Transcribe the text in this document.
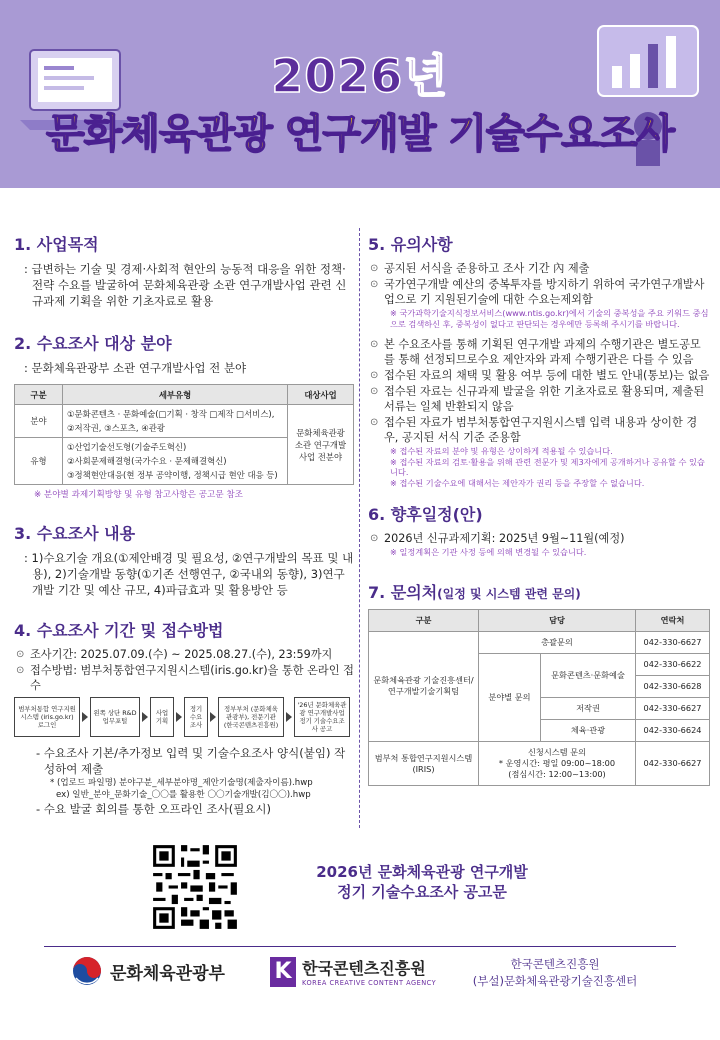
2026년
문화체육관광 연구개발 기술수요조사
1. 사업목적
: 급변하는 기술 및 경제·사회적 현안의 능동적 대응을 위한 정책·전략 수요를 발굴하여 문화체육관광 소관 연구개발사업 관련 신규과제 기획을 위한 기초자료로 활용
2. 수요조사 대상 분야
: 문화체육관광부 소관 연구개발사업 전 분야
구분	세부유형	대상사업
분야	①문화콘텐츠 · 문화예술(□기획 · 창작 □제작 □서비스),
②저작권, ③스포츠, ④관광	문화체육관광 소관 연구개발사업 전분야
유형	①산업기술선도형(기술주도혁신)
②사회문제해결형(국가수요 · 문제해결혁신)
③정책현안대응(현 정부 공약이행, 정책시급 현안 대응 등)	
※ 분야별 과제기획방향 및 유형 참고사항은 공고문 참조
3. 수요조사 내용
: 1)수요기술 개요(①제안배경 및 필요성, ②연구개발의 목표 및 내용), 2)기술개발 동향(①기존 선행연구, ②국내외 동향), 3)연구개발 기간 및 예산 규모, 4)파급효과 및 활용방안 등
4. 수요조사 기간 및 접수방법
⊙ 조사기간: 2025.07.09.(수) ~ 2025.08.27.(수), 23:59까지
⊙ 접수방법: 범부처통합연구지원시스템(iris.go.kr)을 통한 온라인 접수
범부처통합 연구지원시스템 (iris.go.kr) 로그인
왼쪽 상단 R&D 업무포털
사업 기획
정기 수요 조사
정부부처 (문화체육관광부), 전문기관 (한국콘텐츠진흥원)
'26년 문화체육관광 연구개발사업 정기 기술수요조사 공고
- 수요조사 기본/추가정보 입력 및 기술수요조사 양식(붙임) 작성하여 제출
* (업로드 파일명) 분야구분_세부분야명_제안기술명(제출자이름).hwp
ex) 일반_분야_문화기술_〇〇를 활용한 〇〇기술개발(김〇〇).hwp
- 수요 발굴 회의를 통한 오프라인 조사(필요시)
5. 유의사항
⊙ 공지된 서식을 준용하고 조사 기간 內 제출
⊙ 국가연구개발 예산의 중복투자를 방지하기 위하여 국가연구개발사업으로 기 지원된기술에 대한 수요는제외함
※ 국가과학기술지식정보서비스(www.ntis.go.kr)에서 기술의 중복성을 주요 키워드 중심으로 검색하신 후, 중복성이 없다고 판단되는 경우에만 등록해 주시기를 바랍니다.
⊙ 본 수요조사를 통해 기획된 연구개발 과제의 수행기관은 별도공모를 통해 선정되므로수요 제안자와 과제 수행기관은 다를 수 있음
⊙ 접수된 자료의 채택 및 활용 여부 등에 대한 별도 안내(통보)는 없음
⊙ 접수된 자료는 신규과제 발굴을 위한 기초자료로 활용되며, 제출된 서류는 일체 반환되지 않음
⊙ 접수된 자료가 범부처통합연구지원시스템 입력 내용과 상이한 경우, 공지된 서식 기준 준용함
※ 접수된 자료의 분야 및 유형은 상이하게 적용될 수 있습니다.
※ 접수된 자료의 검토·활용을 위해 관련 전문가 및 제3자에게 공개하거나 공유할 수 있습니다.
※ 접수된 기술수요에 대해서는 제안자가 권리 등을 주장할 수 없습니다.
6. 향후일정(안)
⊙ 2026년 신규과제기획: 2025년 9월~11월(예정)
※ 일정계획은 기관 사정 등에 의해 변경될 수 있습니다.
7. 문의처(일정 및 시스템 관련 문의)
구분	담당		연락처
문화체육관광 기술진흥센터/ 연구개발기술기획팀	총괄문의		042-330-6627
	분야별 문의	문화콘텐츠·문화예술	042-330-6622
			042-330-6628
		저작권	042-330-6627
		체육·관광	042-330-6624
범부처 통합연구지원시스템(IRIS)	신청시스템 문의
* 운영시간: 평일 09:00~18:00
(점심시간: 12:00~13:00)		042-330-6627
2026년 문화체육관광 연구개발
정기 기술수요조사 공고문
문화체육관광부 K 한국콘텐츠진흥원
KOREA CREATIVE CONTENT AGENCY
한국콘텐츠진흥원
(부설)문화체육관광기술진흥센터
